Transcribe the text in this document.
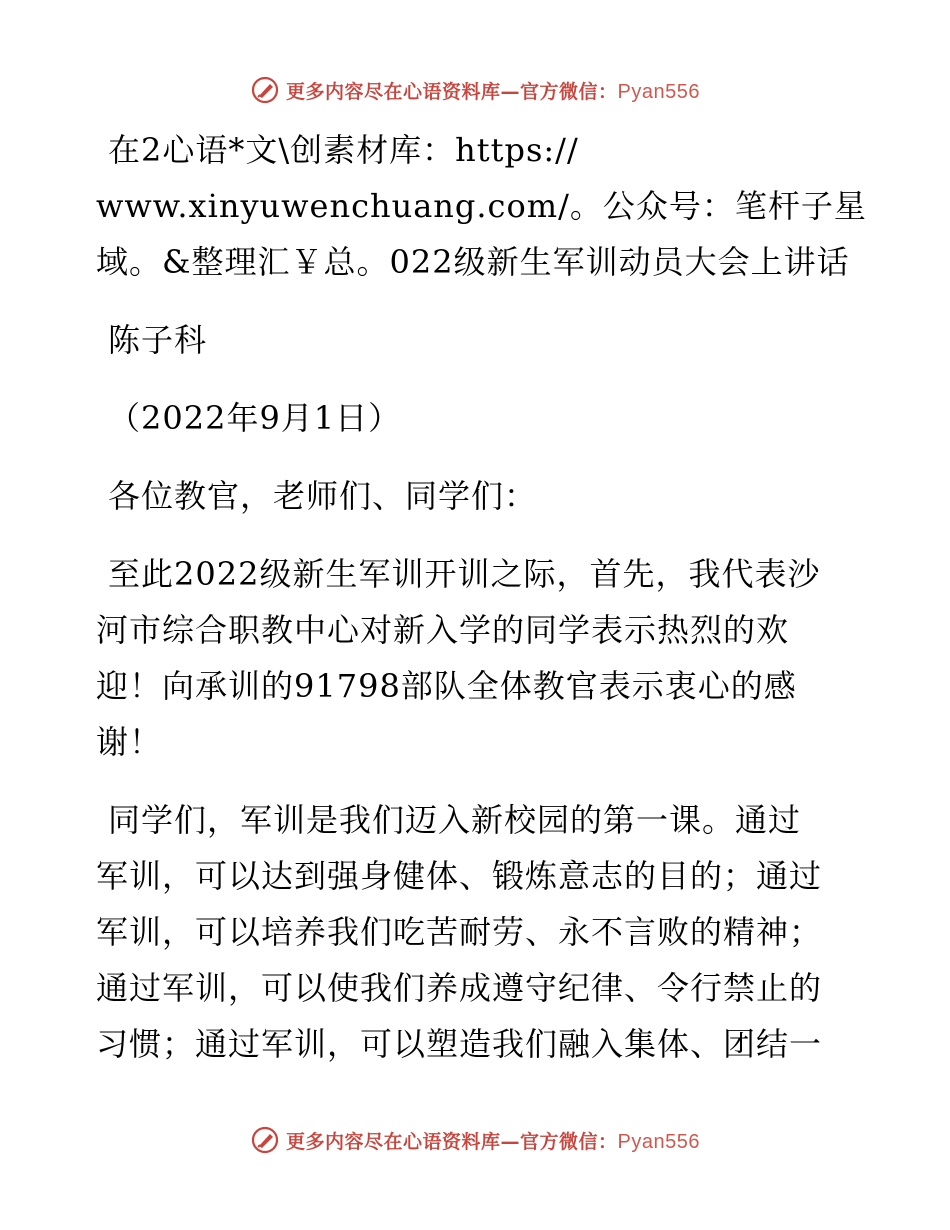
更多内容尽在心语资料库—官方微信：Pyan556
在2心语*文\创素材库：https://
www.xinyuwenchuang.com/。公众号：笔杆子星
域。&整理汇￥总。022级新生军训动员大会上讲话
陈子科
（2022年9月1日）
各位教官，老师们、同学们：
至此2022级新生军训开训之际，首先，我代表沙
河市综合职教中心对新入学的同学表示热烈的欢
迎！向承训的91798部队全体教官表示衷心的感
谢！
同学们，军训是我们迈入新校园的第一课。通过
军训，可以达到强身健体、锻炼意志的目的；通过
军训，可以培养我们吃苦耐劳、永不言败的精神；
通过军训，可以使我们养成遵守纪律、令行禁止的
习惯；通过军训，可以塑造我们融入集体、团结一
更多内容尽在心语资料库—官方微信：Pyan556
